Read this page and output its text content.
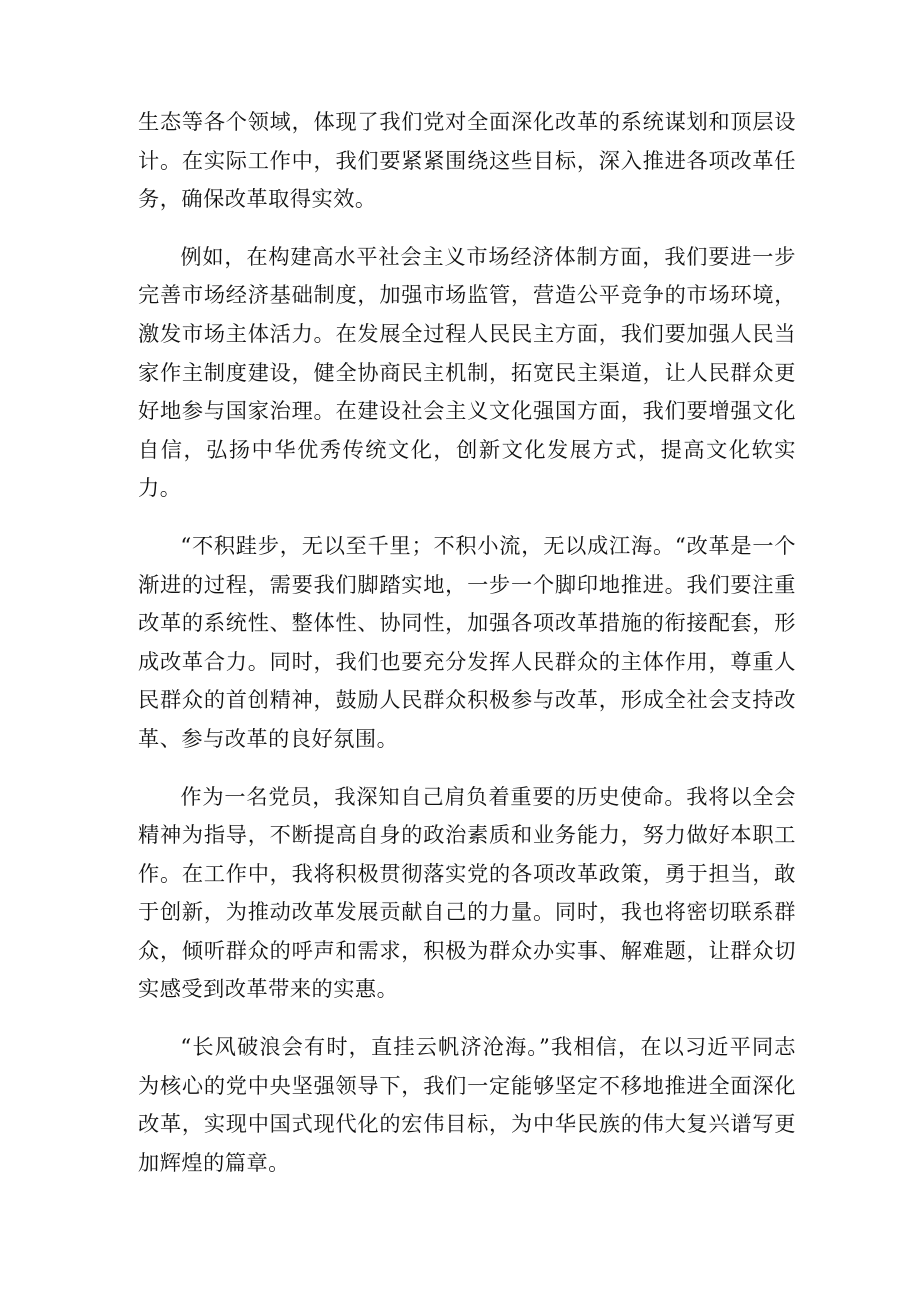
生态等各个领域，体现了我们党对全面深化改革的系统谋划和顶层设计。在实际工作中，我们要紧紧围绕这些目标，深入推进各项改革任务，确保改革取得实效。

例如，在构建高水平社会主义市场经济体制方面，我们要进一步完善市场经济基础制度，加强市场监管，营造公平竞争的市场环境，激发市场主体活力。在发展全过程人民民主方面，我们要加强人民当家作主制度建设，健全协商民主机制，拓宽民主渠道，让人民群众更好地参与国家治理。在建设社会主义文化强国方面，我们要增强文化自信，弘扬中华优秀传统文化，创新文化发展方式，提高文化软实力。

“不积跬步，无以至千里；不积小流，无以成江海。“改革是一个渐进的过程，需要我们脚踏实地，一步一个脚印地推进。我们要注重改革的系统性、整体性、协同性，加强各项改革措施的衔接配套，形成改革合力。同时，我们也要充分发挥人民群众的主体作用，尊重人民群众的首创精神，鼓励人民群众积极参与改革，形成全社会支持改革、参与改革的良好氛围。

作为一名党员，我深知自己肩负着重要的历史使命。我将以全会精神为指导，不断提高自身的政治素质和业务能力，努力做好本职工作。在工作中，我将积极贯彻落实党的各项改革政策，勇于担当，敢于创新，为推动改革发展贡献自己的力量。同时，我也将密切联系群众，倾听群众的呼声和需求，积极为群众办实事、解难题，让群众切实感受到改革带来的实惠。

“长风破浪会有时，直挂云帆济沧海。”我相信，在以习近平同志为核心的党中央坚强领导下，我们一定能够坚定不移地推进全面深化改革，实现中国式现代化的宏伟目标，为中华民族的伟大复兴谱写更加辉煌的篇章。
